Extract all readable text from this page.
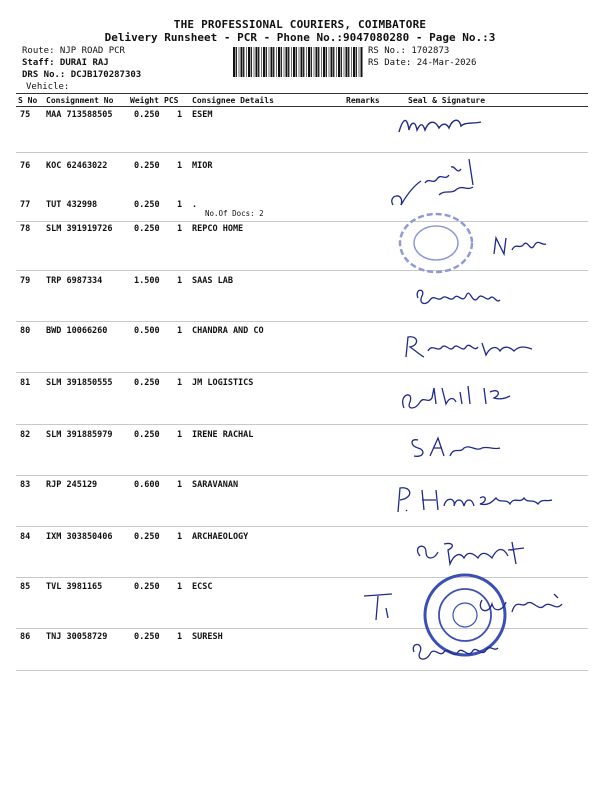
THE PROFESSIONAL COURIERS, COIMBATORE
Delivery Runsheet - PCR - Phone No.:9047080280 - Page No.:3
Route: NJP ROAD PCR
Staff: DURAI RAJ
DRS No.: DCJB170287303
Vehicle:
RS No.: 1702873
RS Date: 24-Mar-2026
S No Consignment No Weight PCS Consignee Details	Remarks	Seal & Signature
75 MAA 713588505	0.250 1 ESEM
76 KOC 62463022	0.250 1 MIOR
77 TUT 432998	0.250 1 .
No.Of Docs: 2
78 SLM 391919726	0.250 1 REPCO HOME
79 TRP 6987334	1.500 1 SAAS LAB
80 BWD 10066260	0.500 1 CHANDRA AND CO
81 SLM 391850555	0.250 1 JM LOGISTICS
82 SLM 391885979	0.250 1 IRENE RACHAL
83 RJP 245129	0.600 1 SARAVANAN
84 IXM 303850406	0.250 1 ARCHAEOLOGY
85 TVL 3981165	0.250 1 ECSC
86 TNJ 30058729	0.250 1 SURESH
